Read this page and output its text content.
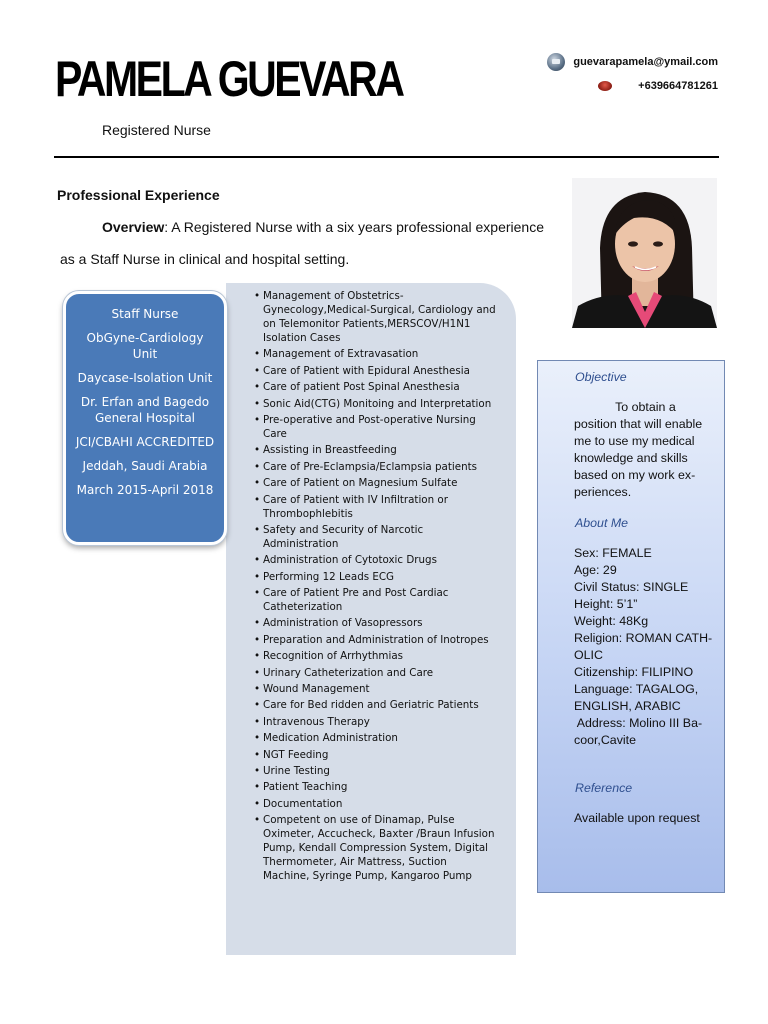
PAMELA GUEVARA
Registered Nurse
guevarapamela@ymail.com
+639664781261
Professional Experience
Overview: A Registered Nurse with a six years professional experience
as a Staff Nurse in clinical and hospital setting.
• Management of Obstetrics-Gynecology,Medical-Surgical, Cardiology and on Telemonitor Patients,MERSCOV/H1N1 Isolation Cases
• Management of Extravasation
• Care of Patient with Epidural Anesthesia
• Care of patient Post Spinal Anesthesia
• Sonic Aid(CTG) Monitoing and Interpretation
• Pre-operative and Post-operative Nursing Care
• Assisting in Breastfeeding
• Care of Pre-Eclampsia/Eclampsia patients
• Care of Patient on Magnesium Sulfate
• Care of Patient with IV Infiltration or Thrombophlebitis
• Safety and Security of Narcotic Administration
• Administration of Cytotoxic Drugs
• Performing 12 Leads ECG
• Care of Patient Pre and Post Cardiac Catheterization
• Administration of Vasopressors
• Preparation and Administration of Inotropes
• Recognition of Arrhythmias
• Urinary Catheterization and Care
• Wound Management
• Care for Bed ridden and Geriatric Patients
• Intravenous Therapy
• Medication Administration
• NGT Feeding
• Urine Testing
• Patient Teaching
• Documentation
• Competent on use of Dinamap, Pulse Oximeter, Accucheck, Baxter /Braun Infusion Pump, Kendall Compression System, Digital Thermometer, Air Mattress, Suction Machine, Syringe Pump, Kangaroo Pump
Staff Nurse
ObGyne-Cardiology Unit
Daycase-Isolation Unit
Dr. Erfan and Bagedo General Hospital
JCI/CBAHI ACCREDITED
Jeddah, Saudi Arabia
March 2015-April 2018
Objective
To obtain a
position that will enable
me to use my medical
knowledge and skills
based on my work ex-
periences.
About Me
Sex: FEMALE
Age: 29
Civil Status: SINGLE
Height: 5’1”
Weight: 48Kg
Religion: ROMAN CATH-
OLIC
Citizenship: FILIPINO
Language: TAGALOG,
ENGLISH, ARABIC
Address: Molino III Ba-
coor,Cavite
Reference
Available upon request
